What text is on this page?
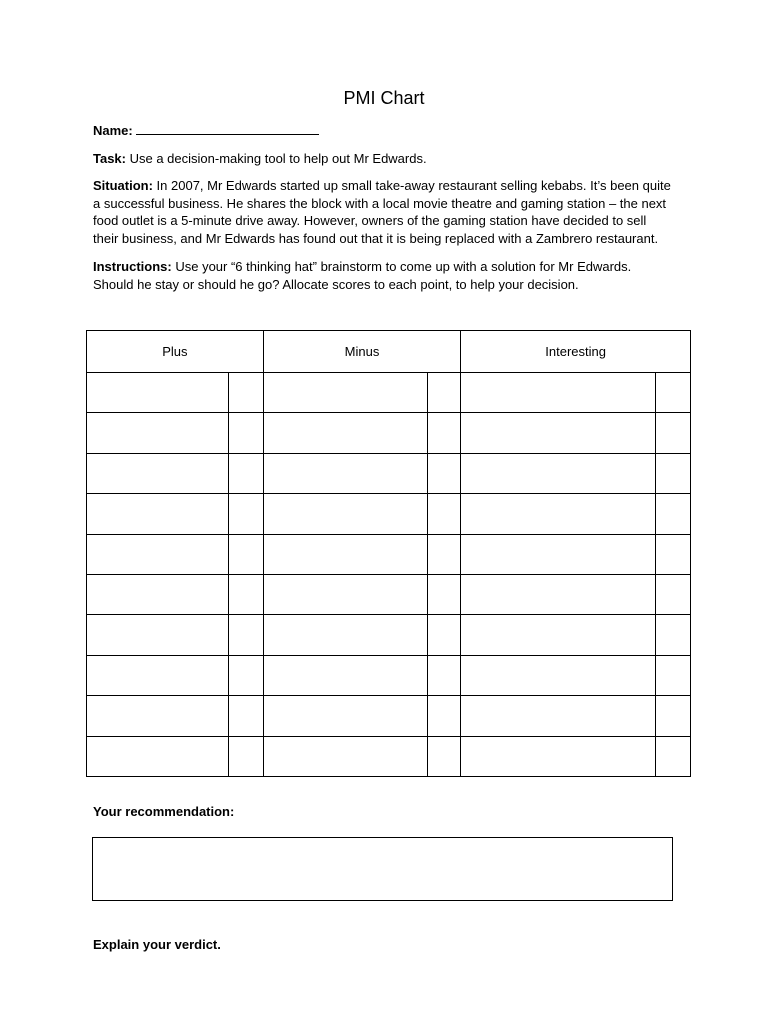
PMI Chart

Name:

Task: Use a decision-making tool to help out Mr Edwards.

Situation: In 2007, Mr Edwards started up small take-away restaurant selling kebabs. It’s been quite
a successful business. He shares the block with a local movie theatre and gaming station – the next
food outlet is a 5-minute drive away. However, owners of the gaming station have decided to sell
their business, and Mr Edwards has found out that it is being replaced with a Zambrero restaurant.
Instructions: Use your “6 thinking hat” brainstorm to come up with a solution for Mr Edwards.
Should he stay or should he go? Allocate scores to each point, to help your decision.
Plus		Minus		Interesting	

Your recommendation:

Explain your verdict.
